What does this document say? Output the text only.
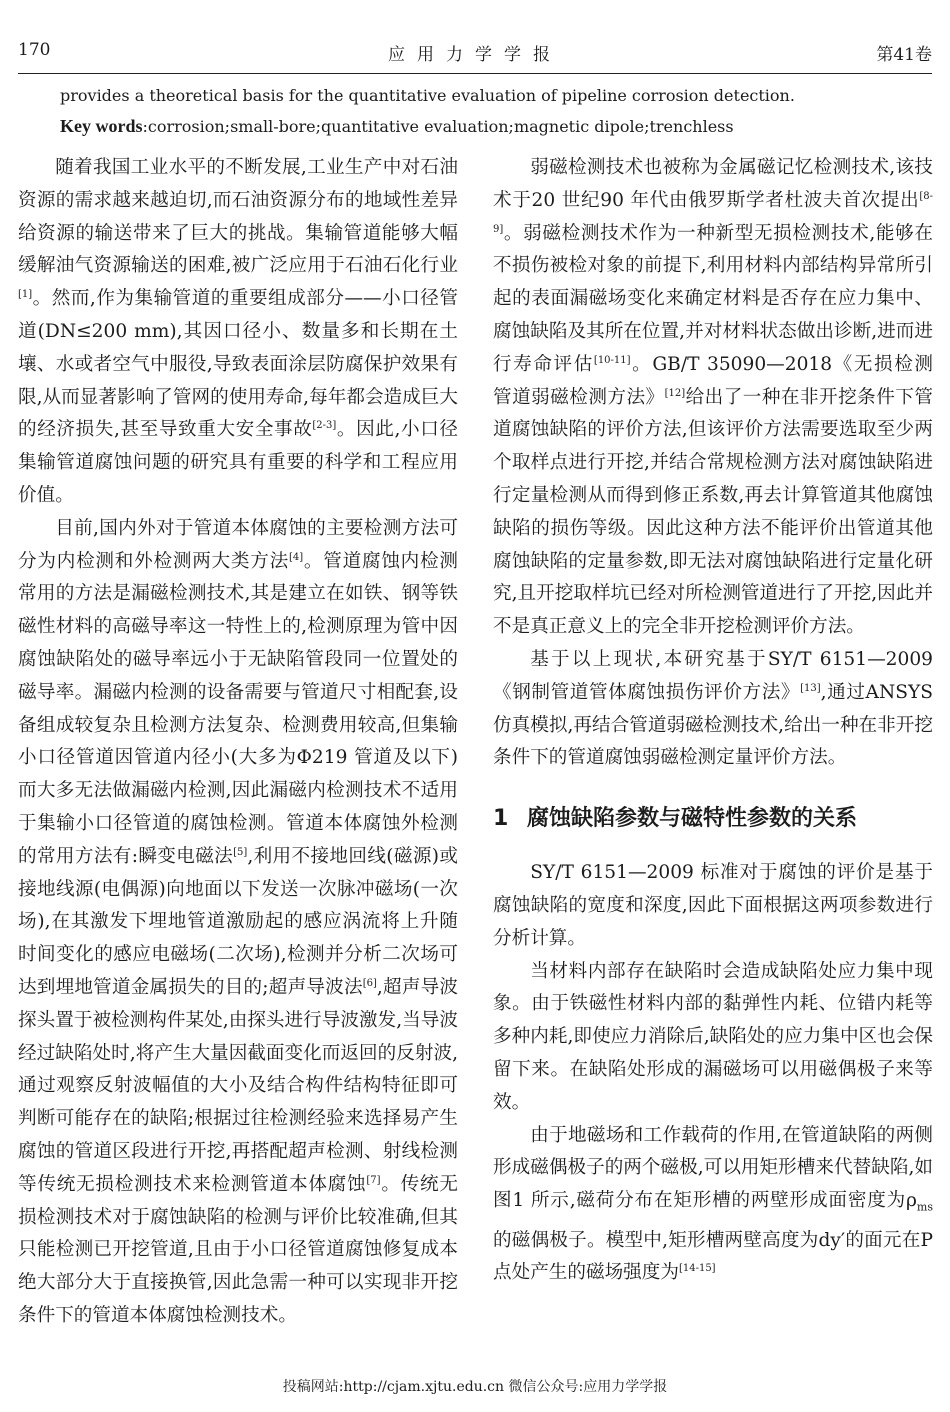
170	应用力学学报	第41卷
provides a theoretical basis for the quantitative evaluation of pipeline corrosion detection.
Key words:corrosion;small-bore;quantitative evaluation;magnetic dipole;trenchless

随着我国工业水平的不断发展,工业生产中对石油资源的需求越来越迫切,而石油资源分布的地域性差异给资源的输送带来了巨大的挑战。集输管道能够大幅缓解油气资源输送的困难,被广泛应用于石油石化行业[1]。然而,作为集输管道的重要组成部分——小口径管道(DN≤200 mm),其因口径小、数量多和长期在土壤、水或者空气中服役,导致表面涂层防腐保护效果有限,从而显著影响了管网的使用寿命,每年都会造成巨大的经济损失,甚至导致重大安全事故[2-3]。因此,小口径集输管道腐蚀问题的研究具有重要的科学和工程应用价值。

目前,国内外对于管道本体腐蚀的主要检测方法可分为内检测和外检测两大类方法[4]。管道腐蚀内检测常用的方法是漏磁检测技术,其是建立在如铁、钢等铁磁性材料的高磁导率这一特性上的,检测原理为管中因腐蚀缺陷处的磁导率远小于无缺陷管段同一位置处的磁导率。漏磁内检测的设备需要与管道尺寸相配套,设备组成较复杂且检测方法复杂、检测费用较高,但集输小口径管道因管道内径小(大多为Φ219 管道及以下)而大多无法做漏磁内检测,因此漏磁内检测技术不适用于集输小口径管道的腐蚀检测。管道本体腐蚀外检测的常用方法有:瞬变电磁法[5],利用不接地回线(磁源)或接地线源(电偶源)向地面以下发送一次脉冲磁场(一次场),在其激发下埋地管道激励起的感应涡流将上升随时间变化的感应电磁场(二次场),检测并分析二次场可达到埋地管道金属损失的目的;超声导波法[6],超声导波探头置于被检测构件某处,由探头进行导波激发,当导波经过缺陷处时,将产生大量因截面变化而返回的反射波,通过观察反射波幅值的大小及结合构件结构特征即可判断可能存在的缺陷;根据过往检测经验来选择易产生腐蚀的管道区段进行开挖,再搭配超声检测、射线检测等传统无损检测技术来检测管道本体腐蚀[7]。传统无损检测技术对于腐蚀缺陷的检测与评价比较准确,但其只能检测已开挖管道,且由于小口径管道腐蚀修复成本绝大部分大于直接换管,因此急需一种可以实现非开挖条件下的管道本体腐蚀检测技术。

弱磁检测技术也被称为金属磁记忆检测技术,该技术于20 世纪90 年代由俄罗斯学者杜波夫首次提出[8-9]。弱磁检测技术作为一种新型无损检测技术,能够在不损伤被检对象的前提下,利用材料内部结构异常所引起的表面漏磁场变化来确定材料是否存在应力集中、腐蚀缺陷及其所在位置,并对材料状态做出诊断,进而进行寿命评估[10-11]。GB/T 35090—2018《无损检测 管道弱磁检测方法》[12]给出了一种在非开挖条件下管道腐蚀缺陷的评价方法,但该评价方法需要选取至少两个取样点进行开挖,并结合常规检测方法对腐蚀缺陷进行定量检测从而得到修正系数,再去计算管道其他腐蚀缺陷的损伤等级。因此这种方法不能评价出管道其他腐蚀缺陷的定量参数,即无法对腐蚀缺陷进行定量化研究,且开挖取样坑已经对所检测管道进行了开挖,因此并不是真正意义上的完全非开挖检测评价方法。

基于以上现状,本研究基于SY/T 6151—2009《钢制管道管体腐蚀损伤评价方法》[13],通过ANSYS 仿真模拟,再结合管道弱磁检测技术,给出一种在非开挖条件下的管道腐蚀弱磁检测定量评价方法。

1 腐蚀缺陷参数与磁特性参数的关系

SY/T 6151—2009 标准对于腐蚀的评价是基于腐蚀缺陷的宽度和深度,因此下面根据这两项参数进行分析计算。

当材料内部存在缺陷时会造成缺陷处应力集中现象。由于铁磁性材料内部的黏弹性内耗、位错内耗等多种内耗,即使应力消除后,缺陷处的应力集中区也会保留下来。在缺陷处形成的漏磁场可以用磁偶极子来等效。

由于地磁场和工作载荷的作用,在管道缺陷的两侧形成磁偶极子的两个磁极,可以用矩形槽来代替缺陷,如图1 所示,磁荷分布在矩形槽的两壁形成面密度为$\rho_{ms}$的磁偶极子。模型中,矩形槽两壁高度为dy′的面元在P点处产生的磁场强度为[14-15]

投稿网站:http://cjam.xjtu.edu.cn 微信公众号:应用力学学报
